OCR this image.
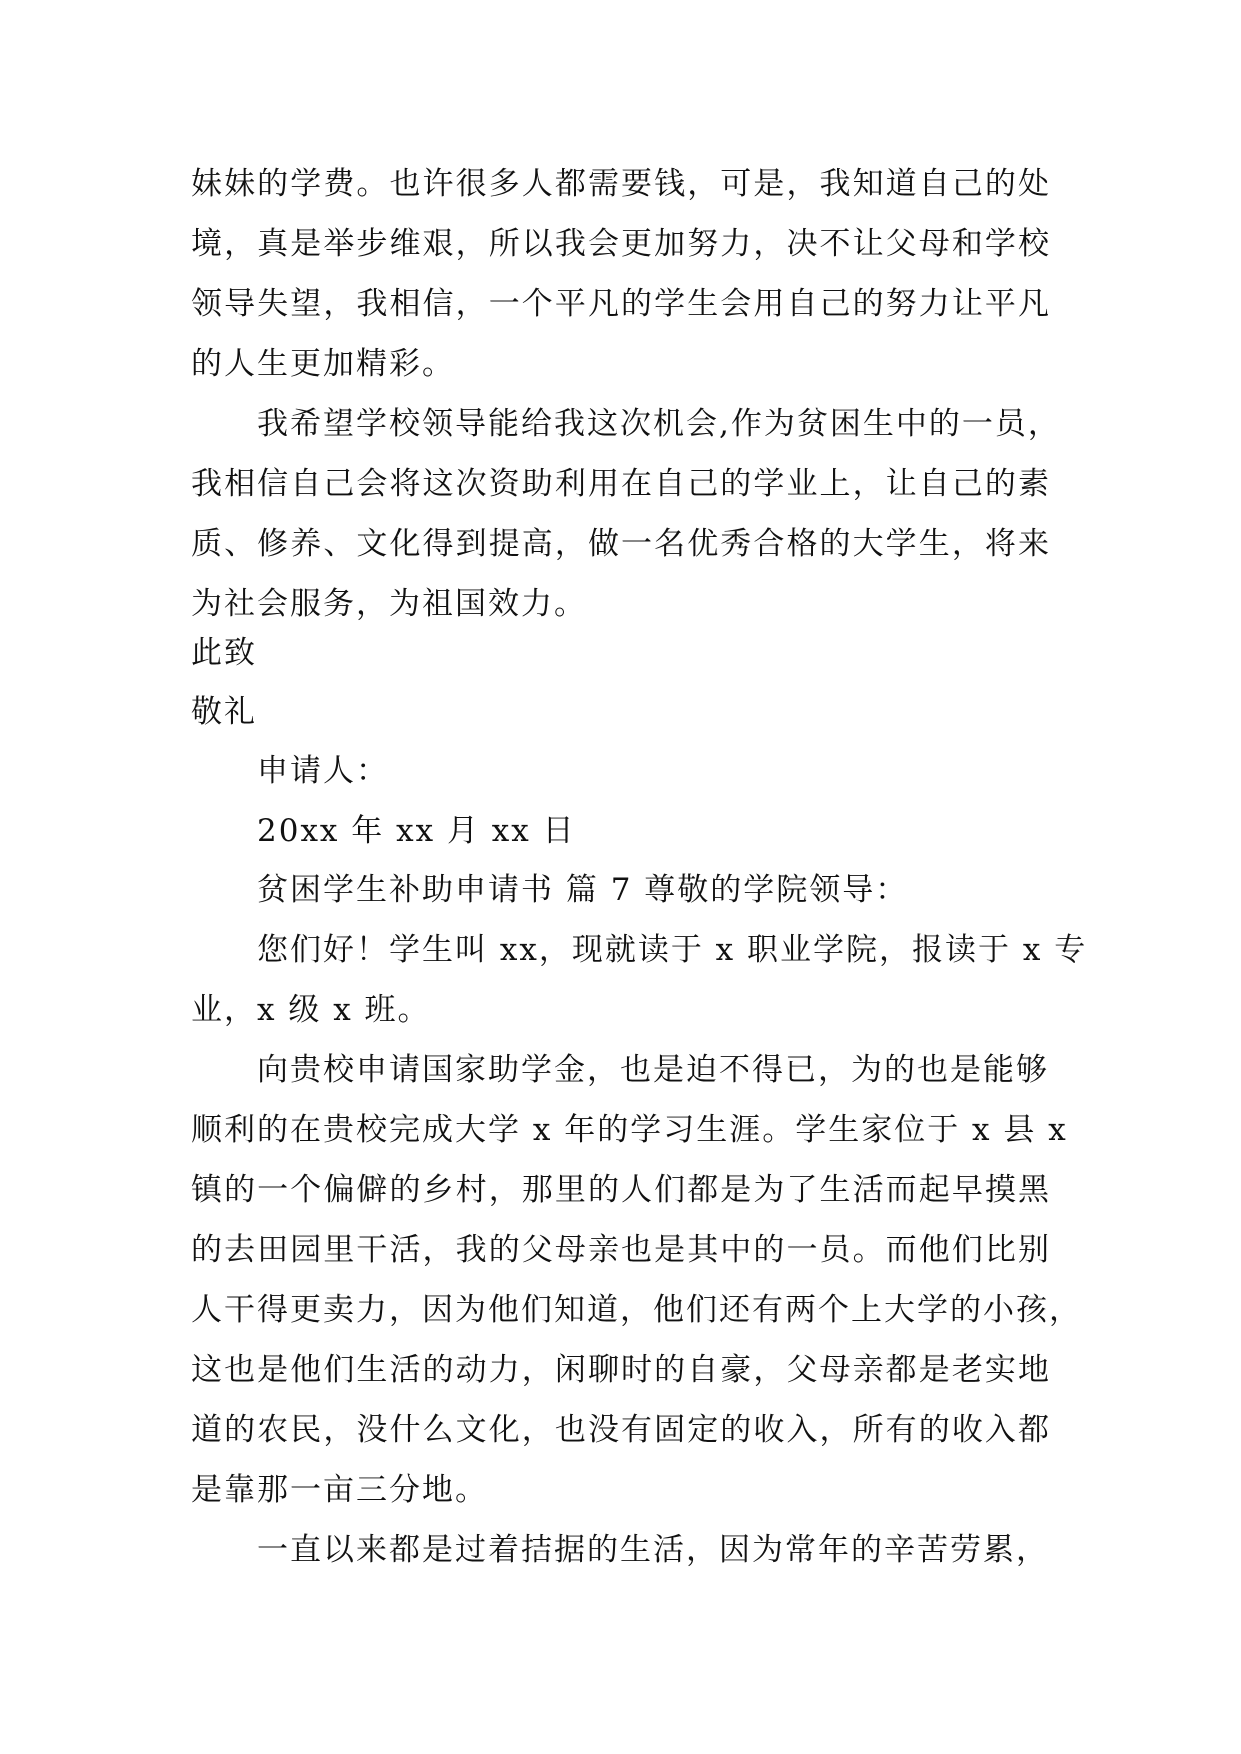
妹妹的学费。也许很多人都需要钱，可是，我知道自己的处
境，真是举步维艰，所以我会更加努力，决不让父母和学校
领导失望，我相信，一个平凡的学生会用自己的努力让平凡
的人生更加精彩。
我希望学校领导能给我这次机会,作为贫困生中的一员，
我相信自己会将这次资助利用在自己的学业上，让自己的素
质、修养、文化得到提高，做一名优秀合格的大学生，将来
为社会服务，为祖国效力。
此致
敬礼
申请人：
20xx 年 xx 月 xx 日
贫困学生补助申请书 篇 7 尊敬的学院领导：
您们好！学生叫 xx，现就读于 x 职业学院，报读于 x 专
业，x 级 x 班。
向贵校申请国家助学金，也是迫不得已，为的也是能够
顺利的在贵校完成大学 x 年的学习生涯。学生家位于 x 县 x
镇的一个偏僻的乡村，那里的人们都是为了生活而起早摸黑
的去田园里干活，我的父母亲也是其中的一员。而他们比别
人干得更卖力，因为他们知道，他们还有两个上大学的小孩，
这也是他们生活的动力，闲聊时的自豪，父母亲都是老实地
道的农民，没什么文化，也没有固定的收入，所有的收入都
是靠那一亩三分地。
一直以来都是过着拮据的生活，因为常年的辛苦劳累，
